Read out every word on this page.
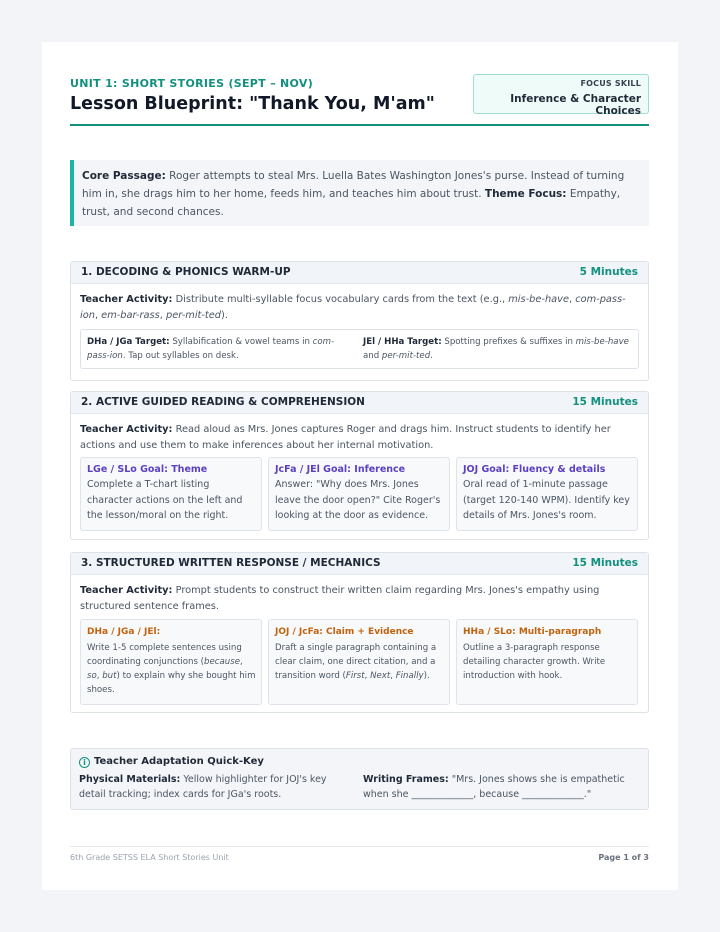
UNIT 1: SHORT STORIES (SEPT – NOV)
Lesson Blueprint: "Thank You, M'am"
FOCUS SKILL
Inference & Character Choices
Core Passage: Roger attempts to steal Mrs. Luella Bates Washington Jones's purse. Instead of turning him in, she drags him to her home, feeds him, and teaches him about trust. Theme Focus: Empathy, trust, and second chances.
1. DECODING & PHONICS WARM-UP	5 Minutes
Teacher Activity: Distribute multi-syllable focus vocabulary cards from the text (e.g., mis-be-have, com-pass-ion, em-bar-rass, per-mit-ted).
DHa / JGa Target: Syllabification & vowel teams in com-pass-ion. Tap out syllables on desk.
JEl / HHa Target: Spotting prefixes & suffixes in mis-be-have and per-mit-ted.
2. ACTIVE GUIDED READING & COMPREHENSION	15 Minutes
Teacher Activity: Read aloud as Mrs. Jones captures Roger and drags him. Instruct students to identify her actions and use them to make inferences about her internal motivation.
LGe / SLo Goal: Theme
Complete a T-chart listing character actions on the left and the lesson/moral on the right.
JcFa / JEl Goal: Inference
Answer: "Why does Mrs. Jones leave the door open?" Cite Roger's looking at the door as evidence.
JOJ Goal: Fluency & details
Oral read of 1-minute passage (target 120-140 WPM). Identify key details of Mrs. Jones's room.
3. STRUCTURED WRITTEN RESPONSE / MECHANICS	15 Minutes
Teacher Activity: Prompt students to construct their written claim regarding Mrs. Jones's empathy using structured sentence frames.
DHa / JGa / JEl:
Write 1-5 complete sentences using coordinating conjunctions (because, so, but) to explain why she bought him shoes.
JOJ / JcFa: Claim + Evidence
Draft a single paragraph containing a clear claim, one direct citation, and a transition word (First, Next, Finally).
HHa / SLo: Multi-paragraph
Outline a 3-paragraph response detailing character growth. Write introduction with hook.
i Teacher Adaptation Quick-Key
Physical Materials: Yellow highlighter for JOJ's key detail tracking; index cards for JGa's roots.
Writing Frames: "Mrs. Jones shows she is empathetic when she _____________, because _____________."
6th Grade SETSS ELA Short Stories Unit	Page 1 of 3
